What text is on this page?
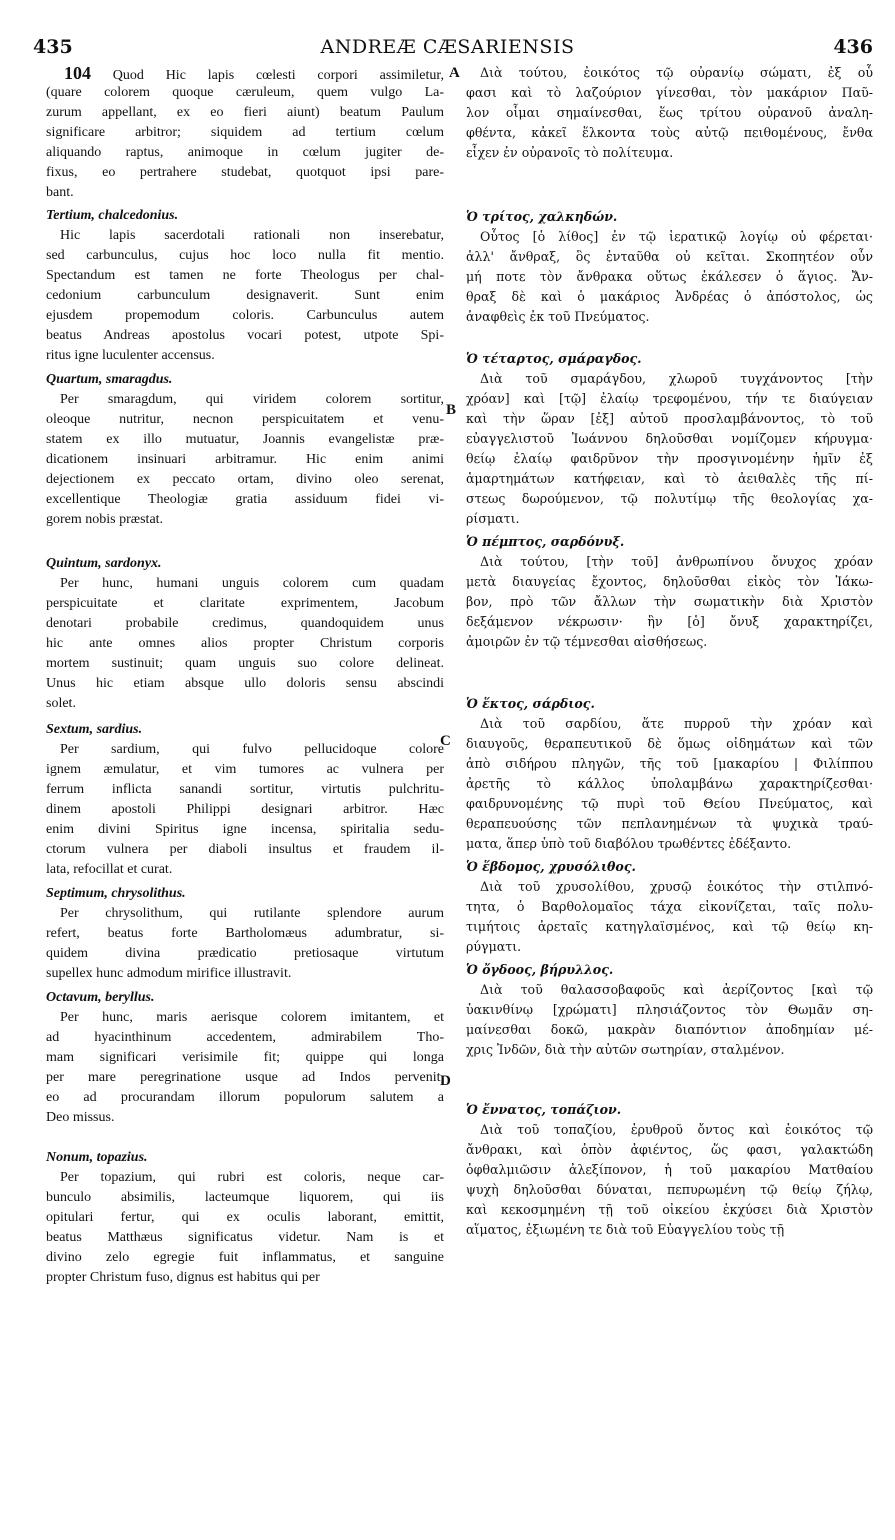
435	ANDREÆ CÆSARIENSIS	436
A
B
C
D
104 Quod Hic lapis cœlesti corpori assimiletur,
(quare colorem quoque cæruleum, quem vulgo La-
zurum appellant, ex eo fieri aiunt) beatum Paulum
significare arbitror; siquidem ad tertium cœlum
aliquando raptus, animoque in cœlum jugiter de-
fixus, eo pertrahere studebat, quotquot ipsi pare-
bant.
Tertium, chalcedonius.
Hic lapis sacerdotali rationali non inserebatur,
sed carbunculus, cujus hoc loco nulla fit mentio.
Spectandum est tamen ne forte Theologus per chal-
cedonium carbunculum designaverit. Sunt enim
ejusdem propemodum coloris. Carbunculus autem
beatus Andreas apostolus vocari potest, utpote Spi-
ritus igne luculenter accensus.
Quartum, smaragdus.
Per smaragdum, qui viridem colorem sortitur,
oleoque nutritur, necnon perspicuitatem et venu-
statem ex illo mutuatur, Joannis evangelistæ præ-
dicationem insinuari arbitramur. Hic enim animi
dejectionem ex peccato ortam, divino oleo serenat,
excellentique Theologiæ gratia assiduum fidei vi-
gorem nobis præstat.
Quintum, sardonyx.
Per hunc, humani unguis colorem cum quadam
perspicuitate et claritate exprimentem, Jacobum
denotari probabile credimus, quandoquidem unus
hic ante omnes alios propter Christum corporis
mortem sustinuit; quam unguis suo colore delineat.
Unus hic etiam absque ullo doloris sensu abscindi
solet.
Sextum, sardius.
Per sardium, qui fulvo pellucidoque colore
ignem æmulatur, et vim tumores ac vulnera per
ferrum inflicta sanandi sortitur, virtutis pulchritu-
dinem apostoli Philippi designari arbitror. Hæc
enim divini Spiritus igne incensa, spiritalia sedu-
ctorum vulnera per diaboli insultus et fraudem il-
lata, refocillat et curat.
Septimum, chrysolithus.
Per chrysolithum, qui rutilante splendore aurum
refert, beatus forte Bartholomæus adumbratur, si-
quidem divina prædicatio pretiosaque virtutum
supellex hunc admodum mirifice illustravit.
Octavum, beryllus.
Per hunc, maris aerisque colorem imitantem, et
ad hyacinthinum accedentem, admirabilem Tho-
mam significari verisimile fit; quippe qui longa
per mare peregrinatione usque ad Indos pervenit,
eo ad procurandam illorum populorum salutem a
Deo missus.
Nonum, topazius.
Per topazium, qui rubri est coloris, neque car-
bunculo absimilis, lacteumque liquorem, qui iis
opitulari fertur, qui ex oculis laborant, emittit,
beatus Matthæus significatus videtur. Nam is et
divino zelo egregie fuit inflammatus, et sanguine
propter Christum fuso, dignus est habitus qui per
Διὰ τούτου, ἐοικότος τῷ οὐρανίῳ σώματι, ἐξ οὗ
φασι καὶ τὸ λαζούριον γίνεσθαι, τὸν μακάριον Παῦ-
λον οἶμαι σημαίνεσθαι, ἕως τρίτου οὐρανοῦ ἀναλη-
φθέντα, κἀκεῖ ἕλκοντα τοὺς αὐτῷ πειθομένους, ἔνθα
εἶχεν ἐν οὐρανοῖς τὸ πολίτευμα.
Ὁ τρίτος, χαλκηδών.
Οὗτος [ὁ λίθος] ἐν τῷ ἱερατικῷ λογίῳ οὐ φέρεται·
ἀλλ' ἄνθραξ, ὃς ἐνταῦθα οὐ κεῖται. Σκοπητέον οὖν
μή ποτε τὸν ἄνθρακα οὕτως ἐκάλεσεν ὁ ἅγιος. Ἄν-
θραξ δὲ καὶ ὁ μακάριος Ἀνδρέας ὁ ἀπόστολος, ὡς
ἀναφθεὶς ἐκ τοῦ Πνεύματος.
Ὁ τέταρτος, σμάραγδος.
Διὰ τοῦ σμαράγδου, χλωροῦ τυγχάνοντος [τὴν
χρόαν] καὶ [τῷ] ἐλαίῳ τρεφομένου, τήν τε διαύγειαν
καὶ τὴν ὥραν [ἐξ] αὐτοῦ προσλαμβάνοντος, τὸ τοῦ
εὐαγγελιστοῦ Ἰωάννου δηλοῦσθαι νομίζομεν κήρυγμα·
θείῳ ἐλαίῳ φαιδρῦνον τὴν προσγινομένην ἡμῖν ἐξ
ἁμαρτημάτων κατήφειαν, καὶ τὸ ἀειθαλὲς τῆς πί-
στεως δωρούμενον, τῷ πολυτίμῳ τῆς θεολογίας χα-
ρίσματι.
Ὁ πέμπτος, σαρδόνυξ.
Διὰ τούτου, [τὴν τοῦ] ἀνθρωπίνου ὄνυχος χρόαν
μετὰ διαυγείας ἔχοντος, δηλοῦσθαι εἰκὸς τὸν Ἰάκω-
βον, πρὸ τῶν ἄλλων τὴν σωματικὴν διὰ Χριστὸν
δεξάμενον νέκρωσιν· ἣν [ὁ] ὄνυξ χαρακτηρίζει,
ἀμοιρῶν ἐν τῷ τέμνεσθαι αἰσθήσεως.
Ὁ ἕκτος, σάρδιος.
Διὰ τοῦ σαρδίου, ἅτε πυρροῦ τὴν χρόαν καὶ
διαυγοῦς, θεραπευτικοῦ δὲ ὅμως οἰδημάτων καὶ τῶν
ἀπὸ σιδήρου πληγῶν, τῆς τοῦ [μακαρίου | Φιλίππου
ἀρετῆς τὸ κάλλος ὑπολαμβάνω χαρακτηρίζεσθαι·
φαιδρυνομένης τῷ πυρὶ τοῦ Θείου Πνεύματος, καὶ
θεραπευούσης τῶν πεπλανημένων τὰ ψυχικὰ τραύ-
ματα, ἅπερ ὑπὸ τοῦ διαβόλου τρωθέντες ἐδέξαντο.
Ὁ ἕβδομος, χρυσόλιθος.
Διὰ τοῦ χρυσολίθου, χρυσῷ ἐοικότος τὴν στιλπνό-
τητα, ὁ Βαρθολομαῖος τάχα εἰκονίζεται, ταῖς πολυ-
τιμήτοις ἀρεταῖς κατηγλαϊσμένος, καὶ τῷ θείῳ κη-
ρύγματι.
Ὁ ὄγδοος, βήρυλλος.
Διὰ τοῦ θαλασσοβαφοῦς καὶ ἀερίζοντος [καὶ τῷ
ὑακινθίνῳ [χρώματι] πλησιάζοντος τὸν Θωμᾶν ση-
μαίνεσθαι δοκῶ, μακρὰν διαπόντιον ἀποδημίαν μέ-
χρις Ἰνδῶν, διὰ τὴν αὐτῶν σωτηρίαν, σταλμένον.
Ὁ ἔννατος, τοπάζιον.
Διὰ τοῦ τοπαζίου, ἐρυθροῦ ὄντος καὶ ἐοικότος τῷ
ἄνθρακι, καὶ ὀπὸν ἀφιέντος, ὥς φασι, γαλακτώδη
ὀφθαλμιῶσιν ἀλεξίπονον, ἡ τοῦ μακαρίου Ματθαίου
ψυχὴ δηλοῦσθαι δύναται, πεπυρωμένη τῷ θείῳ ζήλῳ,
καὶ κεκοσμημένη τῇ τοῦ οἰκείου ἐκχύσει διὰ Χριστὸν
αἵματος, ἐξιωμένη τε διὰ τοῦ Εὐαγγελίου τοὺς τῇ
